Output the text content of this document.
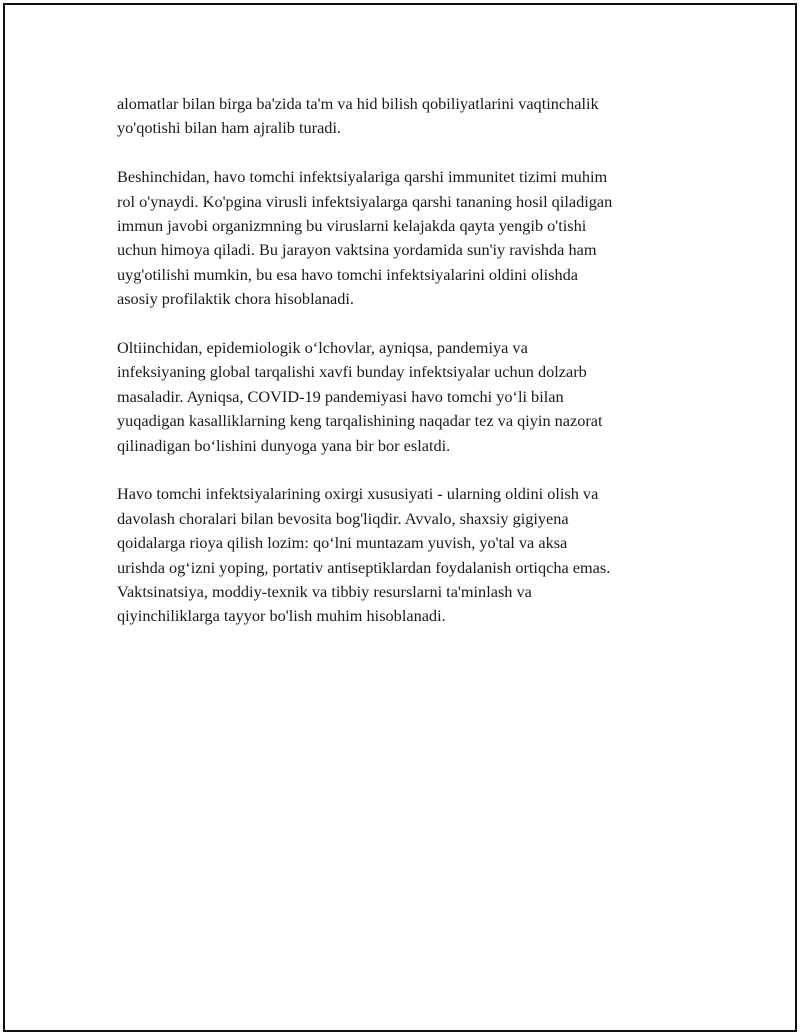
alomatlar bilan birga ba'zida ta'm va hid bilish qobiliyatlarini vaqtinchalik
yo'qotishi bilan ham ajralib turadi.

Beshinchidan, havo tomchi infektsiyalariga qarshi immunitet tizimi muhim
rol o'ynaydi. Ko'pgina virusli infektsiyalarga qarshi tananing hosil qiladigan
immun javobi organizmning bu viruslarni kelajakda qayta yengib o'tishi
uchun himoya qiladi. Bu jarayon vaktsina yordamida sun'iy ravishda ham
uyg'otilishi mumkin, bu esa havo tomchi infektsiyalarini oldini olishda
asosiy profilaktik chora hisoblanadi.

Oltiinchidan, epidemiologik o‘lchovlar, ayniqsa, pandemiya va
infeksiyaning global tarqalishi xavfi bunday infektsiyalar uchun dolzarb
masaladir. Ayniqsa, COVID-19 pandemiyasi havo tomchi yo‘li bilan
yuqadigan kasalliklarning keng tarqalishining naqadar tez va qiyin nazorat
qilinadigan bo‘lishini dunyoga yana bir bor eslatdi.

Havo tomchi infektsiyalarining oxirgi xususiyati - ularning oldini olish va
davolash choralari bilan bevosita bog'liqdir. Avvalo, shaxsiy gigiyena
qoidalarga rioya qilish lozim: qo‘lni muntazam yuvish, yo'tal va aksa
urishda og‘izni yoping, portativ antiseptiklardan foydalanish ortiqcha emas.
Vaktsinatsiya, moddiy-texnik va tibbiy resurslarni ta'minlash va
qiyinchiliklarga tayyor bo'lish muhim hisoblanadi.
